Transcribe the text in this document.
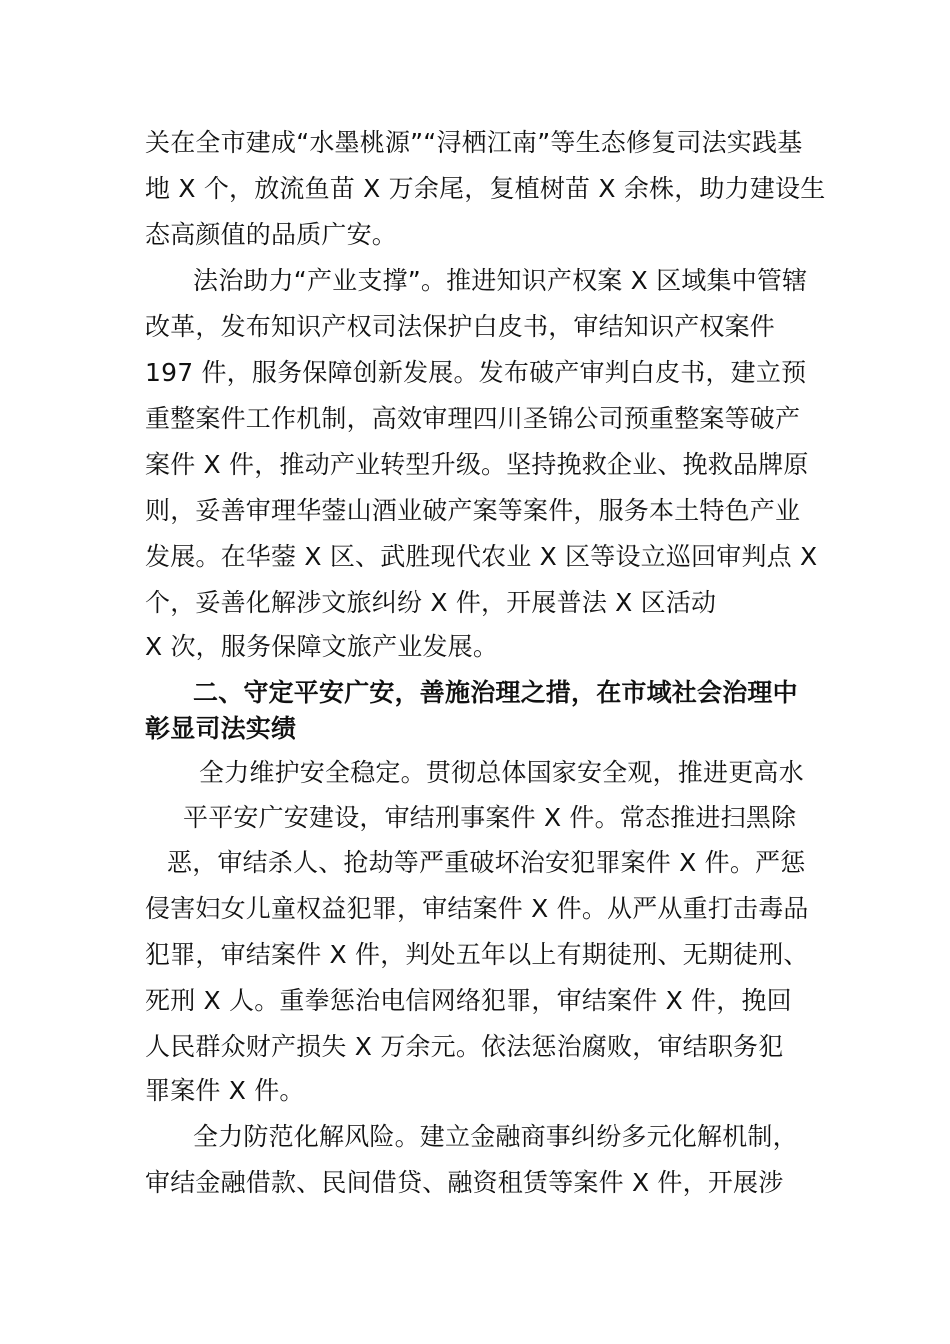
关在全市建成“水墨桃源”“浔栖江南”等生态修复司法实践基

地 X 个，放流鱼苗 X 万余尾，复植树苗 X 余株，助力建设生

态高颜值的品质广安。

法治助力“产业支撑”。推进知识产权案 X 区域集中管辖

改革，发布知识产权司法保护白皮书，审结知识产权案件

197 件，服务保障创新发展。发布破产审判白皮书，建立预

重整案件工作机制，高效审理四川圣锦公司预重整案等破产

案件 X 件，推动产业转型升级。坚持挽救企业、挽救品牌原

则，妥善审理华蓥山酒业破产案等案件，服务本土特色产业

发展。在华蓥 X 区、武胜现代农业 X 区等设立巡回审判点 X

个，妥善化解涉文旅纠纷 X 件，开展普法 X 区活动

X 次，服务保障文旅产业发展。

二、守定平安广安，善施治理之措，在市域社会治理中

彰显司法实绩

全力维护安全稳定。贯彻总体国家安全观，推进更高水

平平安广安建设，审结刑事案件 X 件。常态推进扫黑除

恶，审结杀人、抢劫等严重破坏治安犯罪案件 X 件。严惩

侵害妇女儿童权益犯罪，审结案件 X 件。从严从重打击毒品

犯罪，审结案件 X 件，判处五年以上有期徒刑、无期徒刑、

死刑 X 人。重拳惩治电信网络犯罪，审结案件 X 件，挽回

人民群众财产损失 X 万余元。依法惩治腐败，审结职务犯

罪案件 X 件。

全力防范化解风险。建立金融商事纠纷多元化解机制，

审结金融借款、民间借贷、融资租赁等案件 X 件，开展涉
